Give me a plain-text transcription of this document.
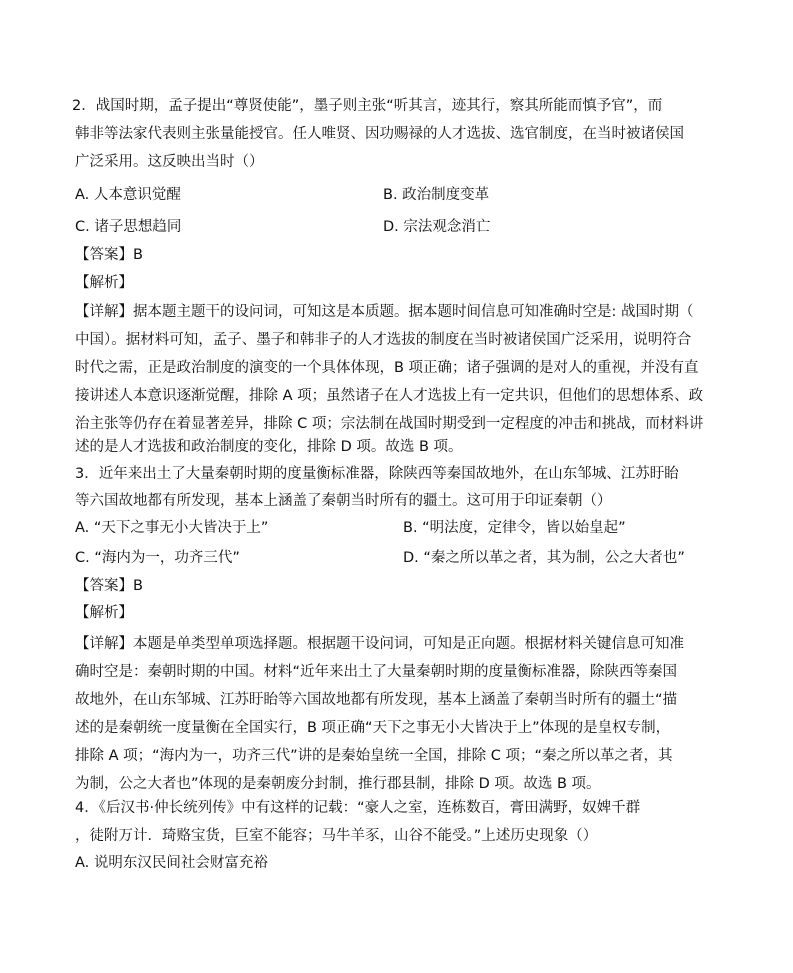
2．战国时期，孟子提出“尊贤使能”，墨子则主张“听其言，迹其行，察其所能而慎予官”，而
韩非等法家代表则主张量能授官。任人唯贤、因功赐禄的人才选拔、选官制度，在当时被诸侯国
广泛采用。这反映出当时（）
A. 人本意识觉醒	B. 政治制度变革
C. 诸子思想趋同	D. 宗法观念消亡
【答案】B
【解析】
【详解】据本题主题干的设问词，可知这是本质题。据本题时间信息可知准确时空是: 战国时期（
中国）。据材料可知，孟子、墨子和韩非子的人才选拔的制度在当时被诸侯国广泛采用，说明符合
时代之需，正是政治制度的演变的一个具体体现，B 项正确；诸子强调的是对人的重视，并没有直
接讲述人本意识逐渐觉醒，排除 A 项；虽然诸子在人才选拔上有一定共识，但他们的思想体系、政
治主张等仍存在着显著差异，排除 C 项；宗法制在战国时期受到一定程度的冲击和挑战，而材料讲
述的是人才选拔和政治制度的变化，排除 D 项。故选 B 项。
3．近年来出土了大量秦朝时期的度量衡标准器，除陕西等秦国故地外，在山东邹城、江苏盱眙
等六国故地都有所发现，基本上涵盖了秦朝当时所有的疆土。这可用于印证秦朝（）
A. “天下之事无小大皆决于上”	B. “明法度，定律令，皆以始皇起”
C. “海内为一，功齐三代”	D. “秦之所以革之者，其为制，公之大者也”
【答案】B
【解析】
【详解】本题是单类型单项选择题。根据题干设问词，可知是正向题。根据材料关键信息可知准
确时空是：秦朝时期的中国。材料“近年来出土了大量秦朝时期的度量衡标准器，除陕西等秦国
故地外，在山东邹城、江苏盱眙等六国故地都有所发现，基本上涵盖了秦朝当时所有的疆土“描
述的是秦朝统一度量衡在全国实行，B 项正确“天下之事无小大皆决于上”体现的是皇权专制，
排除 A 项；“海内为一，功齐三代”讲的是秦始皇统一全国，排除 C 项；“秦之所以革之者，其
为制，公之大者也”体现的是秦朝废分封制，推行郡县制，排除 D 项。故选 B 项。
4．《后汉书·仲长统列传》中有这样的记载：“豪人之室，连栋数百，膏田满野，奴婢千群
，徒附万计．琦赂宝货，巨室不能容；马牛羊豕，山谷不能受。”上述历史现象（）
A. 说明东汉民间社会财富充裕
